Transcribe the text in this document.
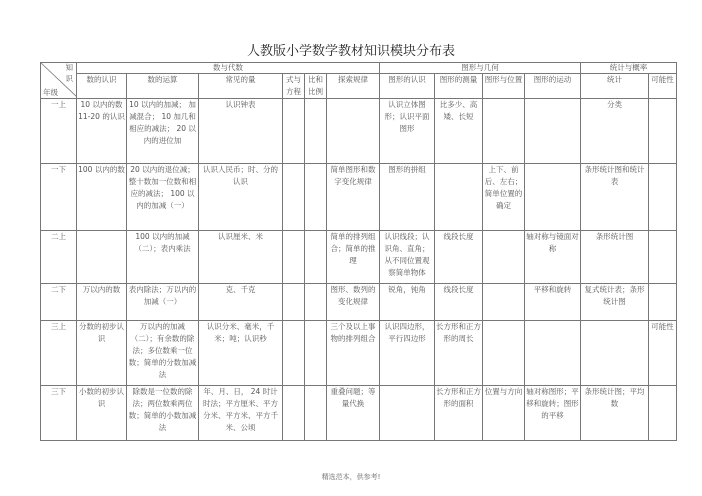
人教版小学数学教材知识模块分布表
知
识
年级	数与代数						图形与几何				统计与概率	
	数的认识	数的运算	常见的量	式与方程	比和比例	探索规律	图形的认识	图形的测量	图形与位置	图形的运动	统计	可能性
一上	10 以内的数 11-20 的认识	10 以内的加减； 加减混合； 10 加几和相应的减法； 20 以内的进位加	认识钟表				认识立体图形；认识平面图形	比多少、高矮、长短			分类	
一下	100 以内的数	20 以内的退位减；整十数加一位数和相应的减法； 100 以内的加减（一）	认识人民币；时、分的认识			简单图形和数字变化规律	图形的拼组		上下、前后、左右；简单位置的确定		条形统计图和统计表	
二上		100 以内的加减（二）；表内乘法	认识厘米、米			简单的排列组合；简单的推理	认识线段；认识角、直角；从不同位置观察简单物体	线段长度		轴对称与镜面对称	条形统计图	
二下	万以内的数	表内除法；万以内的加减（一）	克、千克			图形、数列的变化规律	锐角，钝角	线段长度		平移和旋转	复式统计表；条形统计图	
三上	分数的初步认识	万以内的加减（二）；有余数的除法；多位数乘一位数；简单的分数加减法	认识分米、毫米，千米；吨；认识秒			三个及以上事物的排列组合	认识四边形，平行四边形	长方形和正方形的周长				可能性
三下	小数的初步认识	除数是一位数的除法；两位数乘两位数；简单的小数加减法	年、月、日， 24 时计时法；平方厘米、平方分米、平方米、平方千米、公顷			重叠问题；等量代换		长方形和正方形的面积	位置与方向	轴对称图形；平移和旋转；图形的平移	条形统计图；平均数	
精选范本，供参考!
